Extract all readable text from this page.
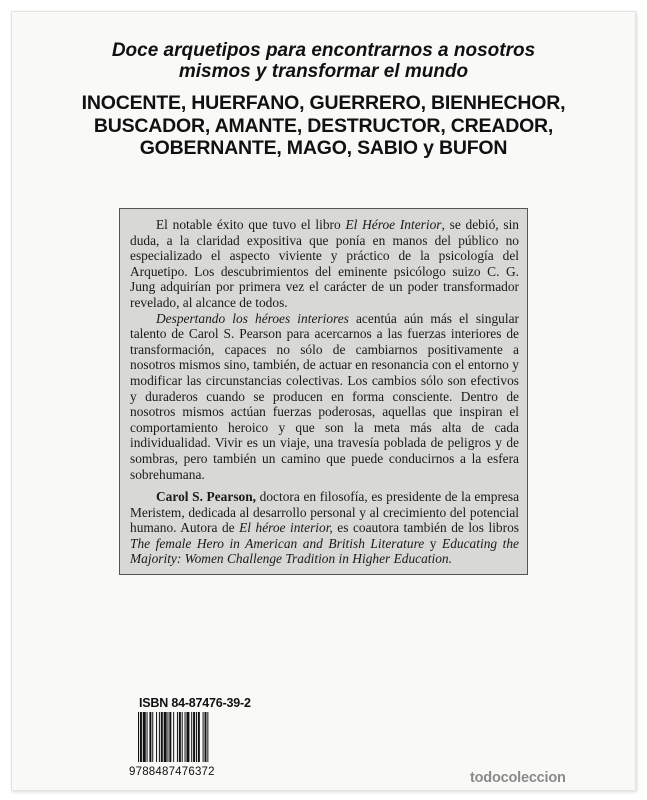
Doce arquetipos para encontrarnos a nosotros
mismos y transformar el mundo
INOCENTE, HUERFANO, GUERRERO, BIENHECHOR,
BUSCADOR, AMANTE, DESTRUCTOR, CREADOR,
GOBERNANTE, MAGO, SABIO y BUFON

El notable éxito que tuvo el libro El Héroe Interior, se debió, sin duda, a la claridad expositiva que ponía en manos del público no especializado el aspecto viviente y práctico de la psicología del Arquetipo. Los descubrimientos del eminente psicólogo suizo C. G. Jung adquirían por primera vez el carácter de un poder transformador revelado, al alcance de todos.

Despertando los héroes interiores acentúa aún más el singular talento de Carol S. Pearson para acercarnos a las fuerzas interiores de transformación, capaces no sólo de cambiarnos positivamente a nosotros mismos sino, también, de actuar en resonancia con el entorno y modificar las circunstancias colectivas. Los cambios sólo son efectivos y duraderos cuando se producen en forma consciente. Dentro de nosotros mismos actúan fuerzas poderosas, aquellas que inspiran el comportamiento heroico y que son la meta más alta de cada individualidad. Vivir es un viaje, una travesía poblada de peligros y de sombras, pero también un camino que puede conducirnos a la esfera sobrehumana.

Carol S. Pearson, doctora en filosofía, es presidente de la empresa Meristem, dedicada al desarrollo personal y al crecimiento del potencial humano. Autora de El héroe interior, es coautora también de los libros The female Hero in American and British Literature y Educating the Majority: Women Challenge Tradition in Higher Education.

ISBN 84-87476-39-2
9788487476372	todocoleccion
